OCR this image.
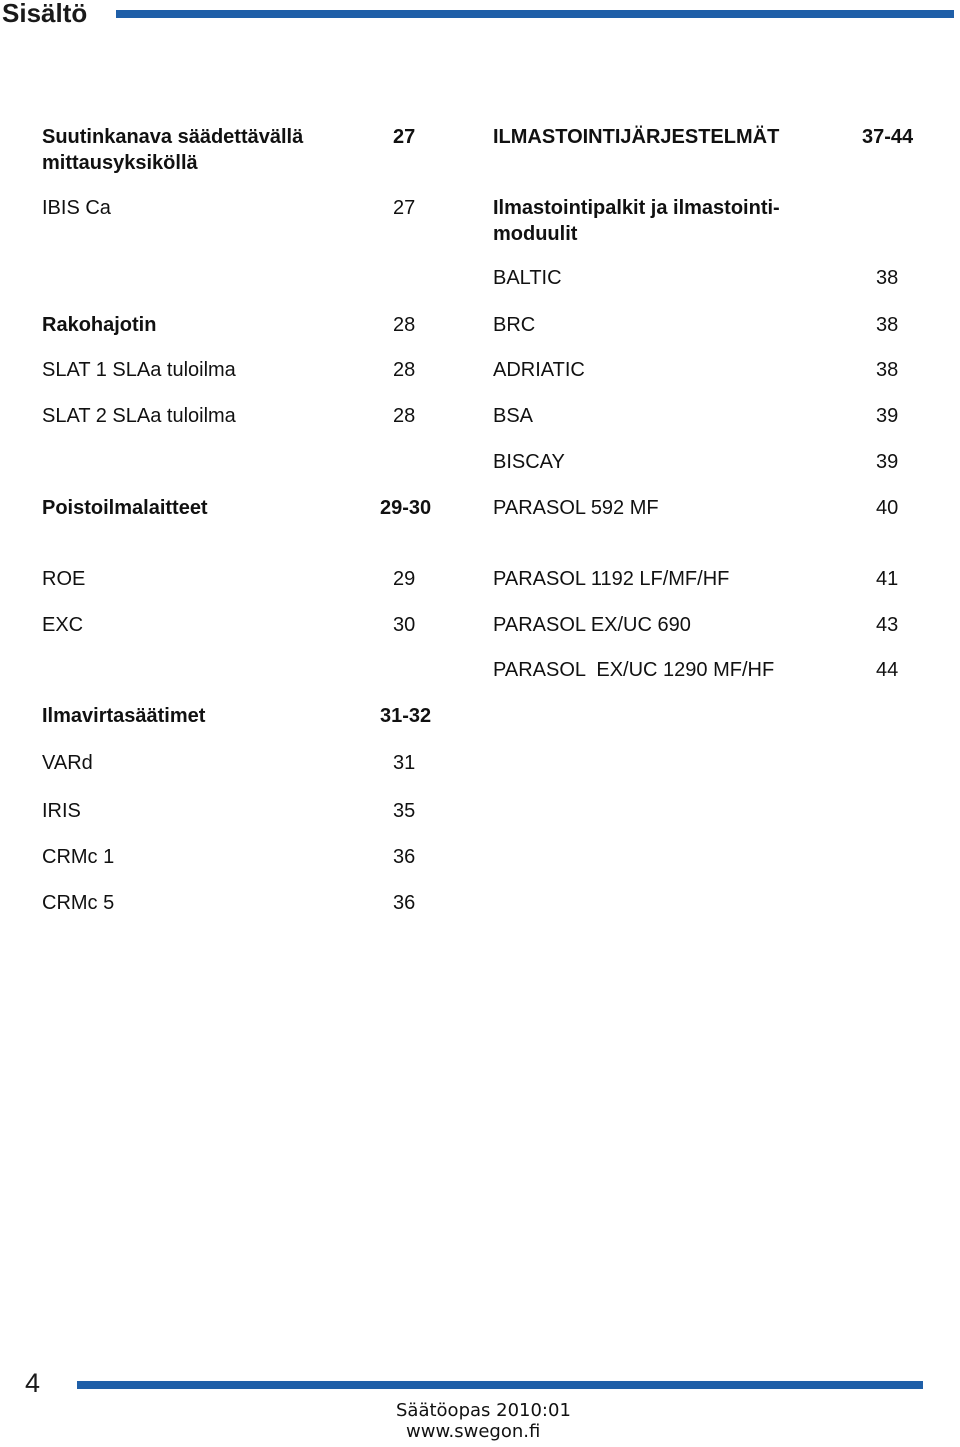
Sisältö
Suutinkanava säädettävällä	27
mittausyksiköllä
IBIS Ca	27
Rakohajotin	28
SLAT 1 SLAa tuloilma	28
SLAT 2 SLAa tuloilma	28
Poistoilmalaitteet	29-30
ROE	29
EXC	30
Ilmavirtasäätimet	31-32
VARd	31
IRIS	35
CRMc 1	36
CRMc 5	36
ILMASTOINTIJÄRJESTELMÄT	37-44
Ilmastointipalkit ja ilmastointi-
moduulit
BALTIC	38
BRC	38
ADRIATIC	38
BSA	39
BISCAY	39
PARASOL 592 MF	40
PARASOL 1192 LF/MF/HF	41
PARASOL EX/UC 690	43
PARASOL  EX/UC 1290 MF/HF	44
4
Säätöopas 2010:01
www.swegon.fi
